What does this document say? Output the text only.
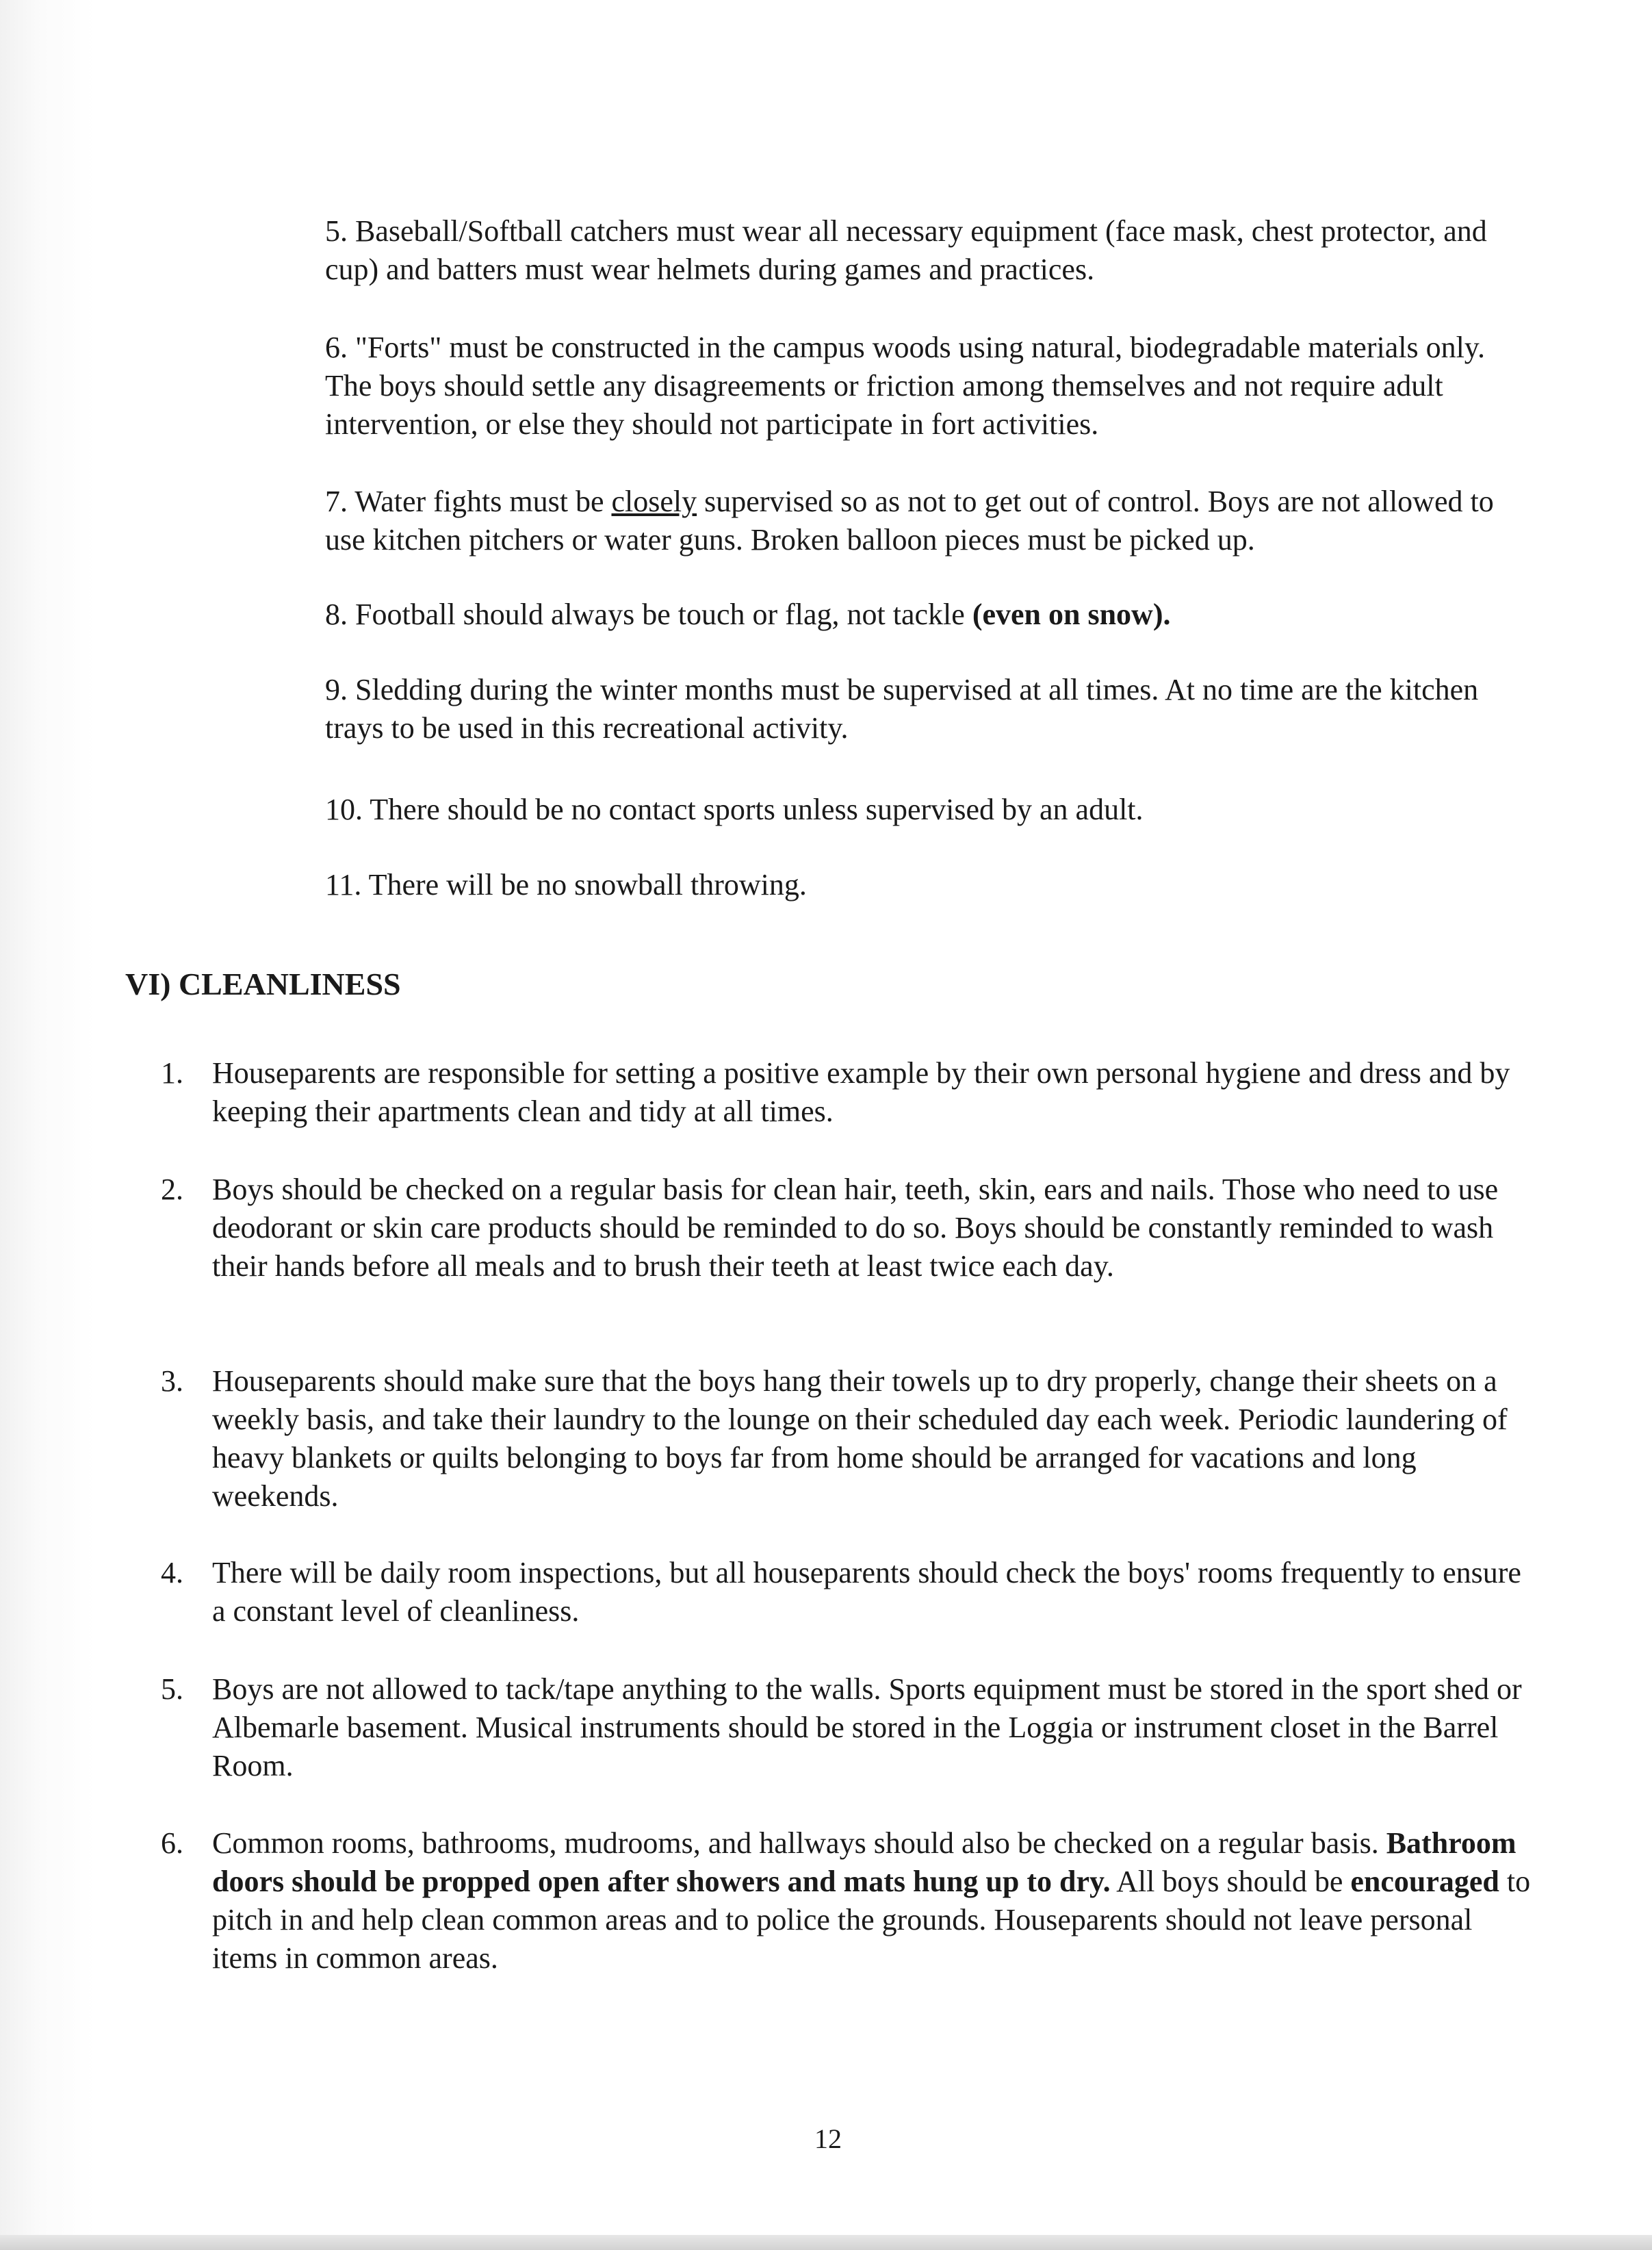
5. Baseball/Softball catchers must wear all necessary equipment (face mask, chest protector, and cup) and batters must wear helmets during games and practices.

6. "Forts" must be constructed in the campus woods using natural, biodegradable materials only. The boys should settle any disagreements or friction among themselves and not require adult intervention, or else they should not participate in fort activities.

7. Water fights must be closely supervised so as not to get out of control. Boys are not allowed to use kitchen pitchers or water guns. Broken balloon pieces must be picked up.

8. Football should always be touch or flag, not tackle (even on snow).

9. Sledding during the winter months must be supervised at all times. At no time are the kitchen trays to be used in this recreational activity.

10. There should be no contact sports unless supervised by an adult.

11. There will be no snowball throwing.

VI) CLEANLINESS
1. Houseparents are responsible for setting a positive example by their own personal hygiene and dress and by keeping their apartments clean and tidy at all times.
2. Boys should be checked on a regular basis for clean hair, teeth, skin, ears and nails. Those who need to use deodorant or skin care products should be reminded to do so. Boys should be constantly reminded to wash their hands before all meals and to brush their teeth at least twice each day.
3. Houseparents should make sure that the boys hang their towels up to dry properly, change their sheets on a weekly basis, and take their laundry to the lounge on their scheduled day each week. Periodic laundering of heavy blankets or quilts belonging to boys far from home should be arranged for vacations and long weekends.
4. There will be daily room inspections, but all houseparents should check the boys' rooms frequently to ensure a constant level of cleanliness.
5. Boys are not allowed to tack/tape anything to the walls. Sports equipment must be stored in the sport shed or Albemarle basement. Musical instruments should be stored in the Loggia or instrument closet in the Barrel Room.
6. Common rooms, bathrooms, mudrooms, and hallways should also be checked on a regular basis. Bathroom doors should be propped open after showers and mats hung up to dry. All boys should be encouraged to pitch in and help clean common areas and to police the grounds. Houseparents should not leave personal items in common areas.
12
